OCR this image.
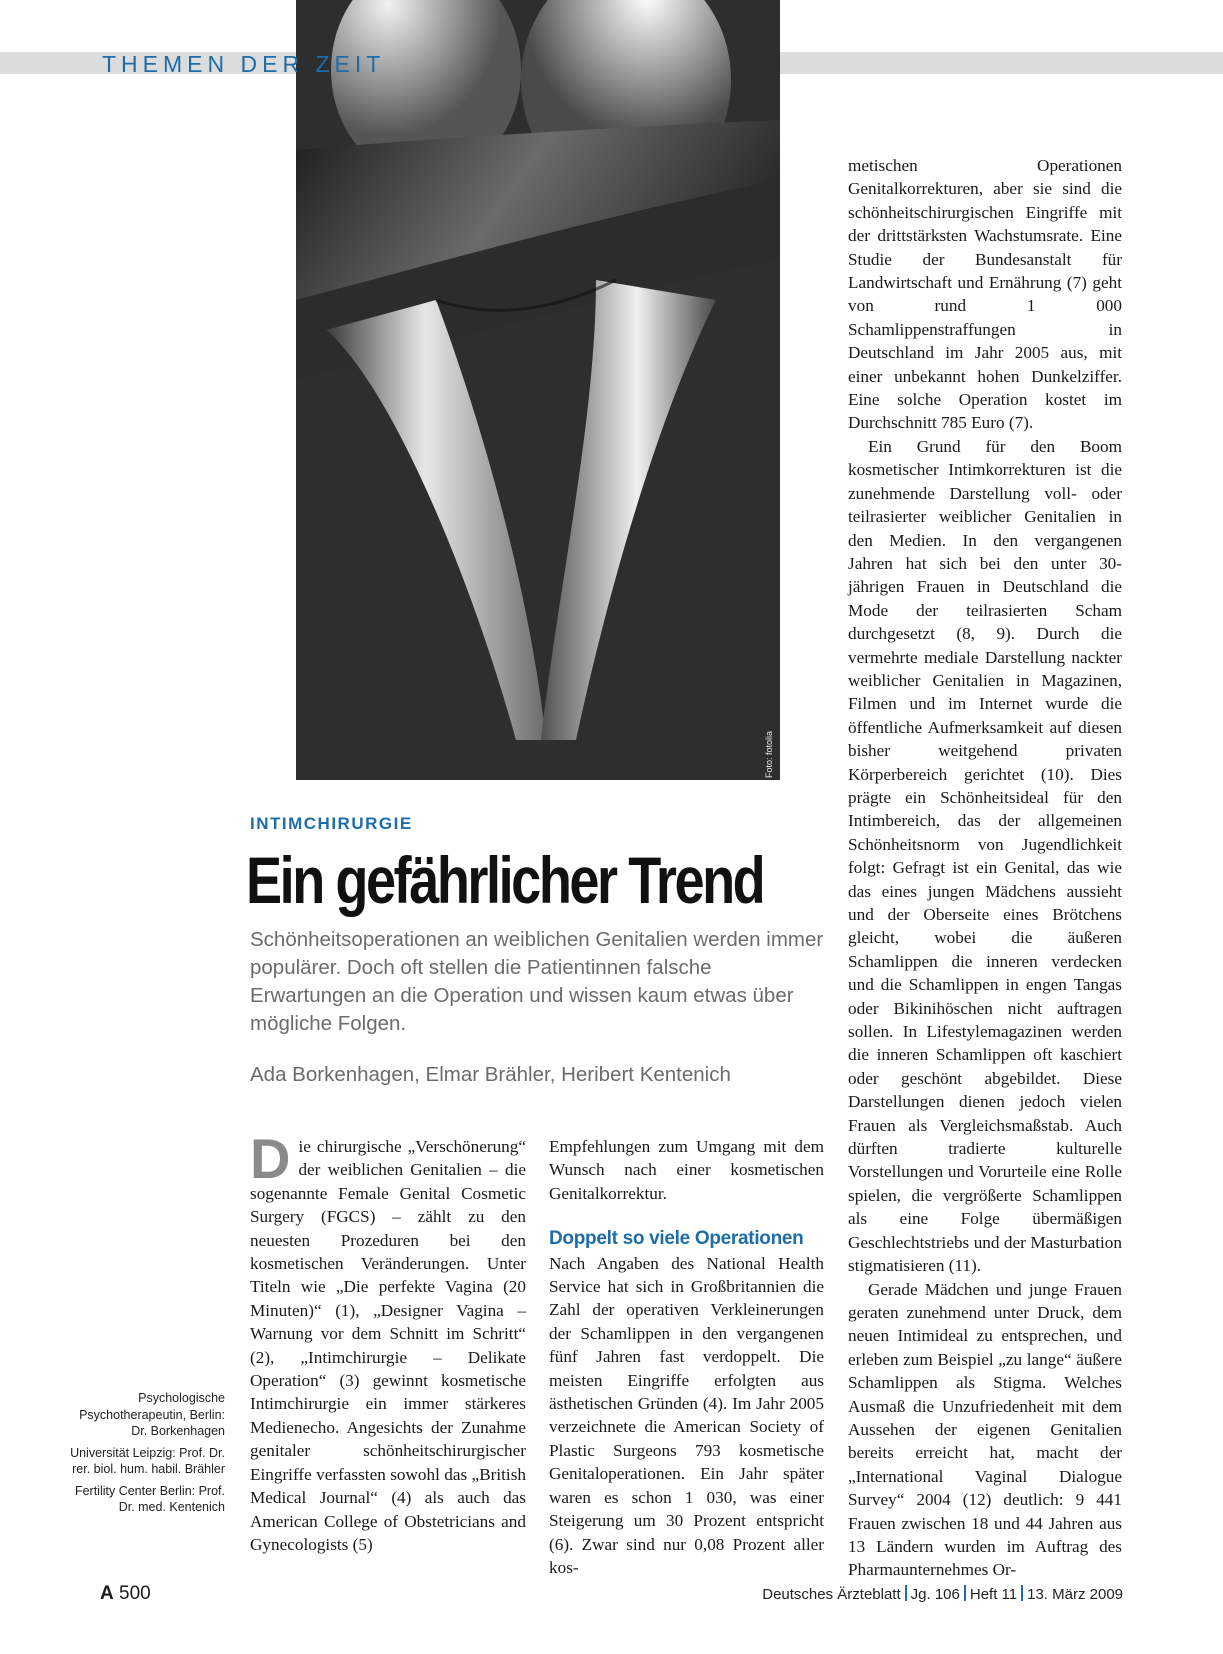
THEMEN DER ZEIT
Foto: fotolia
INTIMCHIRURGIE
Ein gefährlicher Trend
Schönheitsoperationen an weiblichen Genitalien werden immer populärer. Doch oft stellen die Patientinnen falsche Erwartungen an die Operation und wissen kaum etwas über mögliche Folgen.
Ada Borkenhagen, Elmar Brähler, Heribert Kentenich

Die chirurgische „Verschönerung“ der weiblichen Genitalien – die sogenannte Female Genital Cosmetic Surgery (FGCS) – zählt zu den neuesten Prozeduren bei den kosmetischen Veränderungen. Unter Titeln wie „Die perfekte Vagina (20 Minuten)“ (1), „Designer Vagina – Warnung vor dem Schnitt im Schritt“ (2), „Intimchirurgie – Delikate Operation“ (3) gewinnt kosmetische Intimchirurgie ein immer stärkeres Medienecho. Angesichts der Zunahme genitaler schönheitschirurgischer Eingriffe verfassten sowohl das „British Medical Journal“ (4) als auch das American College of Obstetricians and Gynecologists (5)

Empfehlungen zum Umgang mit dem Wunsch nach einer kosmetischen Genitalkorrektur.

Doppelt so viele Operationen

Nach Angaben des National Health Service hat sich in Großbritannien die Zahl der operativen Verkleinerungen der Schamlippen in den vergangenen fünf Jahren fast verdoppelt. Die meisten Eingriffe erfolgten aus ästhetischen Gründen (4). Im Jahr 2005 verzeichnete die American Society of Plastic Surgeons 793 kosmetische Genitaloperationen. Ein Jahr später waren es schon 1 030, was einer Steigerung um 30 Prozent entspricht (6). Zwar sind nur 0,08 Prozent aller kos-

metischen Operationen Genitalkorrekturen, aber sie sind die schönheitschirurgischen Eingriffe mit der drittstärksten Wachstumsrate. Eine Studie der Bundesanstalt für Landwirtschaft und Ernährung (7) geht von rund 1 000 Schamlippenstraffungen in Deutschland im Jahr 2005 aus, mit einer unbekannt hohen Dunkelziffer. Eine solche Operation kostet im Durchschnitt 785 Euro (7).

Ein Grund für den Boom kosmetischer Intimkorrekturen ist die zunehmende Darstellung voll- oder teilrasierter weiblicher Genitalien in den Medien. In den vergangenen Jahren hat sich bei den unter 30-jährigen Frauen in Deutschland die Mode der teilrasierten Scham durchgesetzt (8, 9). Durch die vermehrte mediale Darstellung nackter weiblicher Genitalien in Magazinen, Filmen und im Internet wurde die öffentliche Aufmerksamkeit auf diesen bisher weitgehend privaten Körperbereich gerichtet (10). Dies prägte ein Schönheitsideal für den Intimbereich, das der allgemeinen Schönheitsnorm von Jugendlichkeit folgt: Gefragt ist ein Genital, das wie das eines jungen Mädchens aussieht und der Oberseite eines Brötchens gleicht, wobei die äußeren Schamlippen die inneren verdecken und die Schamlippen in engen Tangas oder Bikinihöschen nicht auftragen sollen. In Lifestylemagazinen werden die inneren Schamlippen oft kaschiert oder geschönt abgebildet. Diese Darstellungen dienen jedoch vielen Frauen als Vergleichsmaßstab. Auch dürften tradierte kulturelle Vorstellungen und Vorurteile eine Rolle spielen, die vergrößerte Schamlippen als eine Folge übermäßigen Geschlechtstriebs und der Masturbation stigmatisieren (11).

Gerade Mädchen und junge Frauen geraten zunehmend unter Druck, dem neuen Intimideal zu entsprechen, und erleben zum Beispiel „zu lange“ äußere Schamlippen als Stigma. Welches Ausmaß die Unzufriedenheit mit dem Aussehen der eigenen Genitalien bereits erreicht hat, macht der „International Vaginal Dialogue Survey“ 2004 (12) deutlich: 9 441 Frauen zwischen 18 und 44 Jahren aus 13 Ländern wurden im Auftrag des Pharmaunternehmes Or-

Psychologische Psychotherapeutin, Berlin: Dr. Borkenhagen

Universität Leipzig: Prof. Dr. rer. biol. hum. habil. Brähler

Fertility Center Berlin: Prof. Dr. med. Kentenich

A 500	Deutsches Ärzteblatt Jg. 106 Heft 11 13. März 2009
